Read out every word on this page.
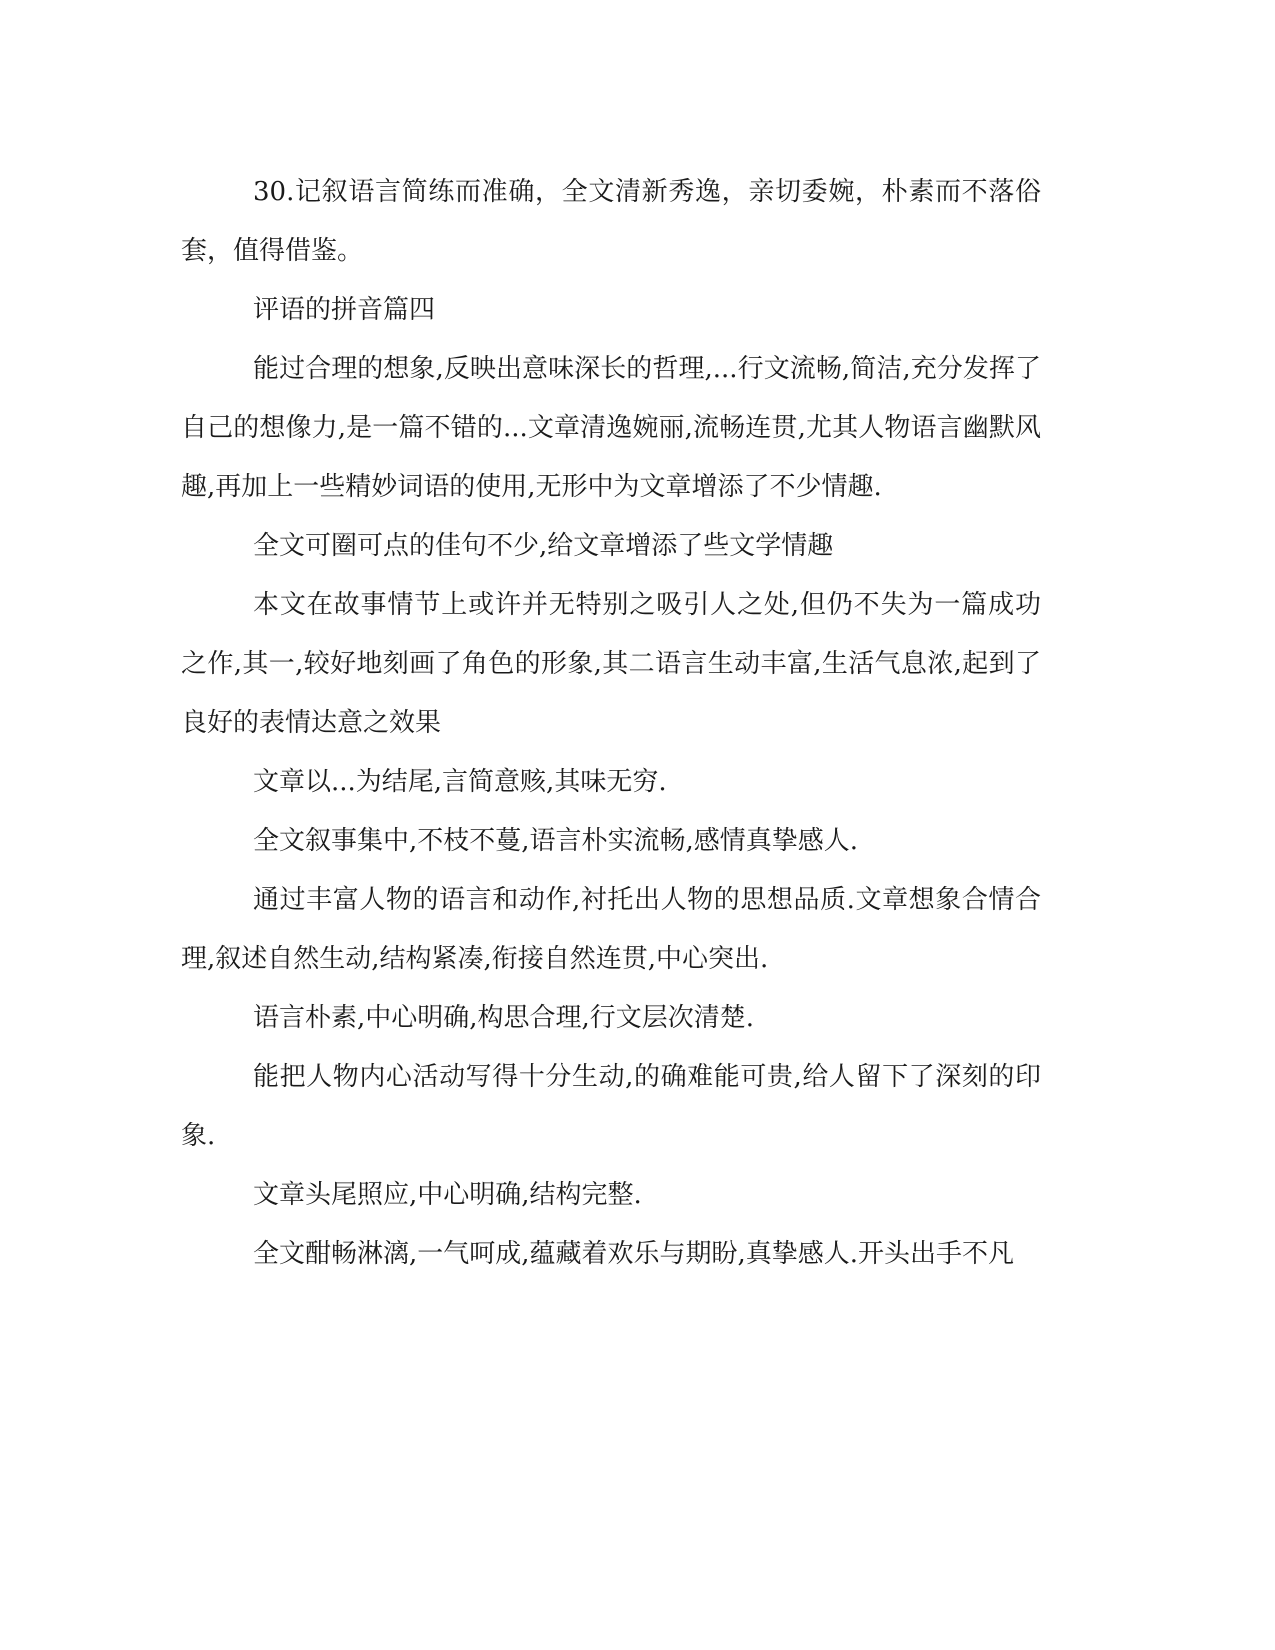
30.记叙语言简练而准确，全文清新秀逸，亲切委婉，朴素而不落俗套，值得借鉴。

评语的拼音篇四

能过合理的想象,反映出意味深长的哲理,...行文流畅,简洁,充分发挥了自己的想像力,是一篇不错的...文章清逸婉丽,流畅连贯,尤其人物语言幽默风趣,再加上一些精妙词语的使用,无形中为文章增添了不少情趣.

全文可圈可点的佳句不少,给文章增添了些文学情趣

本文在故事情节上或许并无特别之吸引人之处,但仍不失为一篇成功之作,其一,较好地刻画了角色的形象,其二语言生动丰富,生活气息浓,起到了良好的表情达意之效果

文章以...为结尾,言简意赅,其味无穷.

全文叙事集中,不枝不蔓,语言朴实流畅,感情真挚感人.

通过丰富人物的语言和动作,衬托出人物的思想品质.文章想象合情合理,叙述自然生动,结构紧凑,衔接自然连贯,中心突出.

语言朴素,中心明确,构思合理,行文层次清楚.

能把人物内心活动写得十分生动,的确难能可贵,给人留下了深刻的印象.

文章头尾照应,中心明确,结构完整.

全文酣畅淋漓,一气呵成,蕴藏着欢乐与期盼,真挚感人.开头出手不凡
